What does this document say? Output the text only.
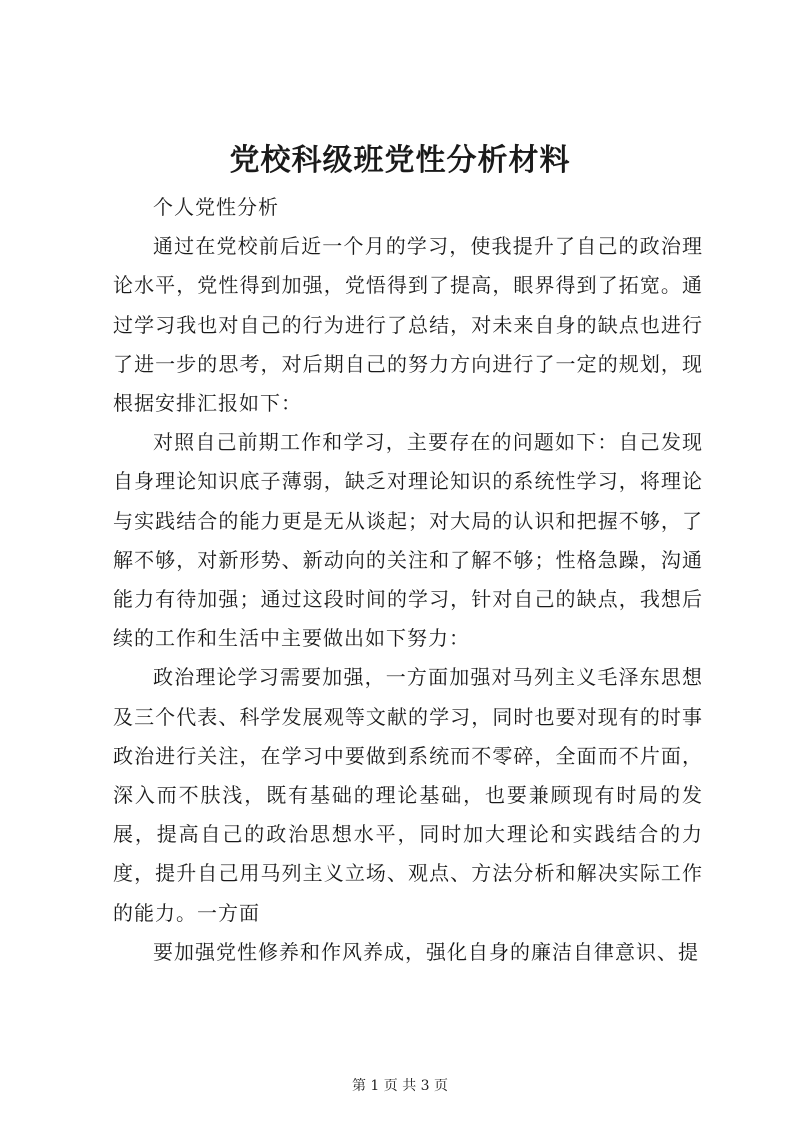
党校科级班党性分析材料

个人党性分析

通过在党校前后近一个月的学习，使我提升了自己的政治理论水平，党性得到加强，党悟得到了提高，眼界得到了拓宽。通过学习我也对自己的行为进行了总结，对未来自身的缺点也进行了进一步的思考，对后期自己的努力方向进行了一定的规划，现根据安排汇报如下：

对照自己前期工作和学习，主要存在的问题如下：自己发现自身理论知识底子薄弱，缺乏对理论知识的系统性学习，将理论与实践结合的能力更是无从谈起；对大局的认识和把握不够，了解不够，对新形势、新动向的关注和了解不够；性格急躁，沟通能力有待加强；通过这段时间的学习，针对自己的缺点，我想后续的工作和生活中主要做出如下努力：

政治理论学习需要加强，一方面加强对马列主义毛泽东思想及三个代表、科学发展观等文献的学习，同时也要对现有的时事政治进行关注，在学习中要做到系统而不零碎，全面而不片面，深入而不肤浅，既有基础的理论基础，也要兼顾现有时局的发展，提高自己的政治思想水平，同时加大理论和实践结合的力度，提升自己用马列主义立场、观点、方法分析和解决实际工作的能力。一方面

要加强党性修养和作风养成，强化自身的廉洁自律意识、提

第 1 页 共 3 页
